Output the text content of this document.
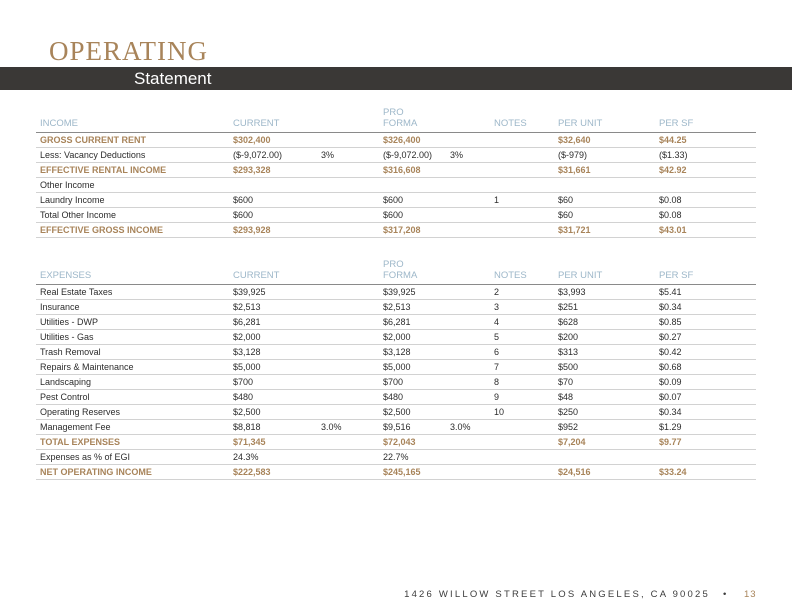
OPERATING
Statement
INCOME	CURRENT		PRO FORMA		NOTES	PER UNIT	PER SF
GROSS CURRENT RENT	$302,400		$326,400			$32,640	$44.25
Less: Vacancy Deductions	($-9,072.00)	3%	($-9,072.00)	3%		($-979)	($1.33)
EFFECTIVE RENTAL INCOME	$293,328		$316,608			$31,661	$42.92
Other Income							
Laundry Income	$600		$600		1	$60	$0.08
Total Other Income	$600		$600			$60	$0.08
EFFECTIVE GROSS INCOME	$293,928		$317,208			$31,721	$43.01
EXPENSES	CURRENT		PRO FORMA		NOTES	PER UNIT	PER SF
Real Estate Taxes	$39,925		$39,925		2	$3,993	$5.41
Insurance	$2,513		$2,513		3	$251	$0.34
Utilities - DWP	$6,281		$6,281		4	$628	$0.85
Utilities - Gas	$2,000		$2,000		5	$200	$0.27
Trash Removal	$3,128		$3,128		6	$313	$0.42
Repairs & Maintenance	$5,000		$5,000		7	$500	$0.68
Landscaping	$700		$700		8	$70	$0.09
Pest Control	$480		$480		9	$48	$0.07
Operating Reserves	$2,500		$2,500		10	$250	$0.34
Management Fee	$8,818	3.0%	$9,516	3.0%		$952	$1.29
TOTAL EXPENSES	$71,345		$72,043			$7,204	$9.77
Expenses as % of EGI	24.3%		22.7%				
NET OPERATING INCOME	$222,583		$245,165			$24,516	$33.24
1426 WILLOW STREET LOS ANGELES, CA 90025 • 13
